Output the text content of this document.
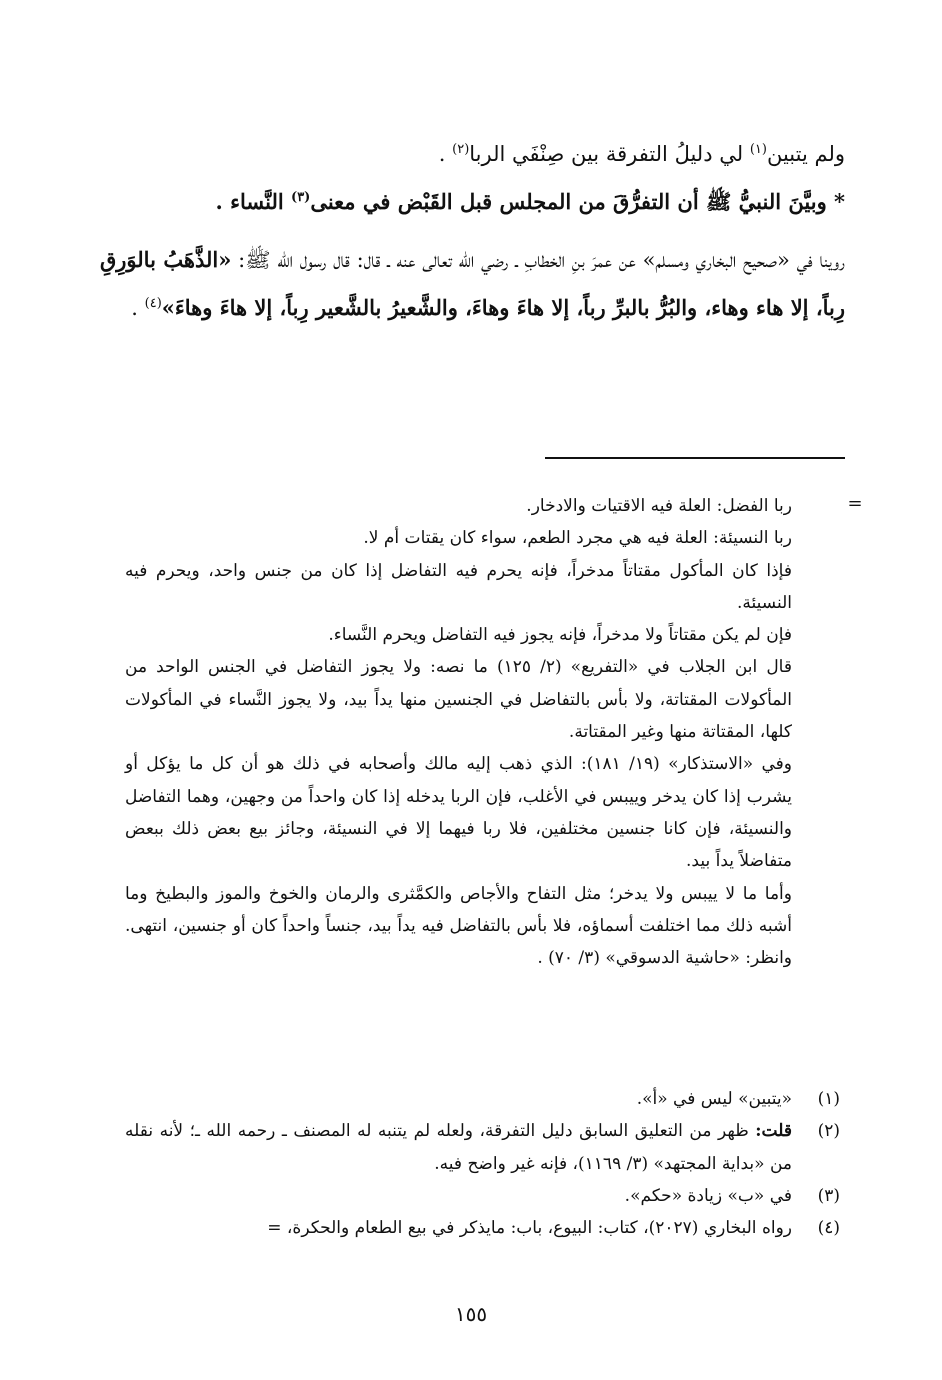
ولم يتبين$^{(١)}$ لي دليلُ التفرقة بين صِنْفَي الربا$^{(٢)}$ .

* وبيَّنَ النبيُّ ﷺ أن التفرُّقَ من المجلس قبل القَبْض في معنى$^{(٣)}$ النَّساء .

روينا في «صحيح البخاري ومسلم» عن عمرَ بنِ الخطابِ ـ رضي الله تعالى عنه ـ قال: قال رسول الله ﷺ: «الذَّهَبُ بالوَرِقِ رِباً، إلا هاء وهاء، والبُرُّ بالبرِّ رباً، إلا هاءَ وهاءَ، والشَّعيرُ بالشَّعير رِباً، إلا هاءَ وهاءَ»$^{(٤)}$ .

=

ربا الفضل: العلة فيه الاقتيات والادخار.

ربا النسيئة: العلة فيه هي مجرد الطعم، سواء كان يقتات أم لا.

فإذا كان المأكول مقتاتاً مدخراً، فإنه يحرم فيه التفاضل إذا كان من جنس واحد، ويحرم فيه النسيئة.

فإن لم يكن مقتاتاً ولا مدخراً، فإنه يجوز فيه التفاضل ويحرم النَّساء.

قال ابن الجلاب في «التفريع» (٢/ ١٢٥) ما نصه: ولا يجوز التفاضل في الجنس الواحد من المأكولات المقتاتة، ولا بأس بالتفاضل في الجنسين منها يداً بيد، ولا يجوز النَّساء في المأكولات كلها، المقتاتة منها وغير المقتاتة.

وفي «الاستذكار» (١٩/ ١٨١): الذي ذهب إليه مالك وأصحابه في ذلك هو أن كل ما يؤكل أو يشرب إذا كان يدخر وييبس في الأغلب، فإن الربا يدخله إذا كان واحداً من وجهين، وهما التفاضل والنسيئة، فإن كانا جنسين مختلفين، فلا ربا فيهما إلا في النسيئة، وجائز بيع بعض ذلك ببعض متفاضلاً يداً بيد.

وأما ما لا ييبس ولا يدخر؛ مثل التفاح والأجاص والكمَّثرى والرمان والخوخ والموز والبطيخ وما أشبه ذلك مما اختلفت أسماؤه، فلا بأس بالتفاضل فيه يداً بيد، جنساً واحداً كان أو جنسين، انتهى. وانظر: «حاشية الدسوقي» (٣/ ٧٠) .

(١)
«يتبين» ليس في «أ».
(٢)
قلت: ظهر من التعليق السابق دليل التفرقة، ولعله لم يتنبه له المصنف ـ رحمه الله ـ؛ لأنه نقله من «بداية المجتهد» (٣/ ١١٦٩)، فإنه غير واضح فيه.
(٣)
في «ب» زيادة «حكم».
(٤)
رواه البخاري (٢٠٢٧)، كتاب: البيوع، باب: مايذكر في بيع الطعام والحكرة، =
١٥٥
